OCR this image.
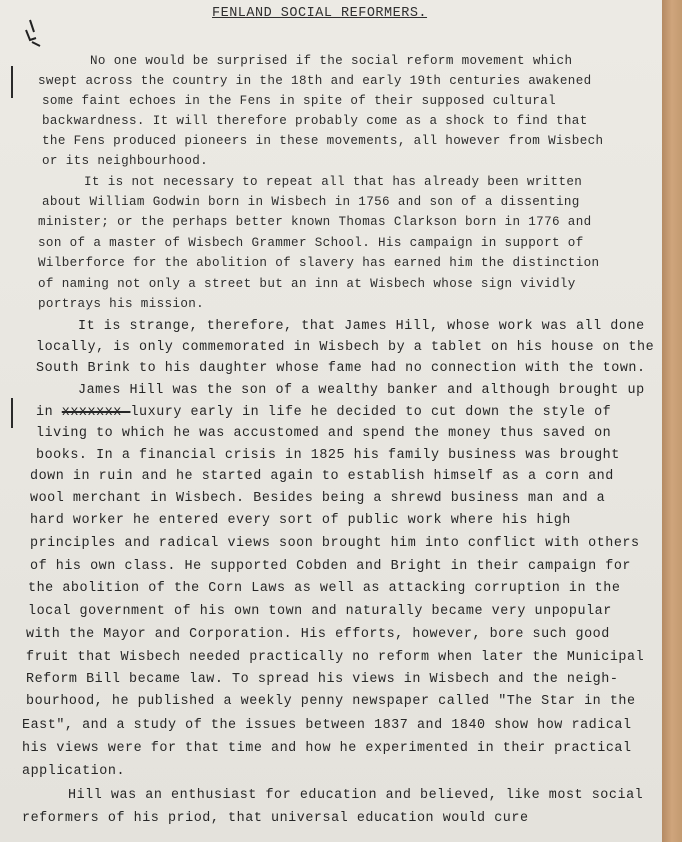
FENLAND SOCIAL REFORMERS.
No one would be surprised if the social reform movement which
swept across the country in the 18th and early 19th centuries awakened
some faint echoes in the Fens in spite of their supposed cultural
backwardness. It will therefore probably come as a shock to find that
the Fens produced pioneers in these movements, all however from Wisbech
or its neighbourhood.
It is not necessary to repeat all that has already been written
about William Godwin born in Wisbech in 1756 and son of a dissenting
minister; or the perhaps better known Thomas Clarkson born in 1776 and
son of a master of Wisbech Grammer School. His campaign in support of
Wilberforce for the abolition of slavery has earned him the distinction
of naming not only a street but an inn at Wisbech whose sign vividly
portrays his mission.
It is strange, therefore, that James Hill, whose work was all done
locally, is only commemorated in Wisbech by a tablet on his house on the
South Brink to his daughter whose fame had no connection with the town.
James Hill was the son of a wealthy banker and although brought up
in xxxxxxx luxury early in life he decided to cut down the style of
living to which he was accustomed and spend the money thus saved on
books. In a financial crisis in 1825 his family business was brought
down in ruin and he started again to establish himself as a corn and
wool merchant in Wisbech. Besides being a shrewd business man and a
hard worker he entered every sort of public work where his high
principles and radical views soon brought him into conflict with others
of his own class. He supported Cobden and Bright in their campaign for
the abolition of the Corn Laws as well as attacking corruption in the
local government of his own town and naturally became very unpopular
with the Mayor and Corporation. His efforts, however, bore such good
fruit that Wisbech needed practically no reform when later the Municipal
Reform Bill became law. To spread his views in Wisbech and the neigh-
bourhood, he published a weekly penny newspaper called "The Star in the
East", and a study of the issues between 1837 and 1840 show how radical
his views were for that time and how he experimented in their practical
application.
Hill was an enthusiast for education and believed, like most social
reformers of his priod, that universal education would cure
